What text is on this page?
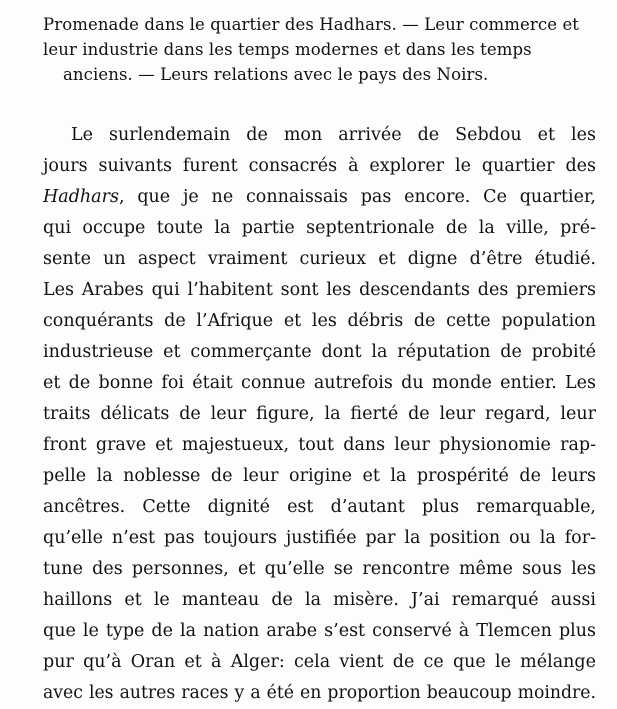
Promenade dans le quartier des Hadhars. — Leur commerce et
leur industrie dans les temps modernes et dans les temps
anciens. — Leurs relations avec le pays des Noirs.
Le surlendemain de mon arrivée de Sebdou et les
jours suivants furent consacrés à explorer le quartier des
Hadhars, que je ne connaissais pas encore. Ce quartier,
qui occupe toute la partie septentrionale de la ville, pré-
sente un aspect vraiment curieux et digne d’être étudié.
Les Arabes qui l’habitent sont les descendants des premiers
conquérants de l’Afrique et les débris de cette population
industrieuse et commerçante dont la réputation de probité
et de bonne foi était connue autrefois du monde entier. Les
traits délicats de leur figure, la fierté de leur regard, leur
front grave et majestueux, tout dans leur physionomie rap-
pelle la noblesse de leur origine et la prospérité de leurs
ancêtres. Cette dignité est d’autant plus remarquable,
qu’elle n’est pas toujours justifiée par la position ou la for-
tune des personnes, et qu’elle se rencontre même sous les
haillons et le manteau de la misère. J’ai remarqué aussi
que le type de la nation arabe s’est conservé à Tlemcen plus
pur qu’à Oran et à Alger: cela vient de ce que le mélange
avec les autres races y a été en proportion beaucoup moindre.
